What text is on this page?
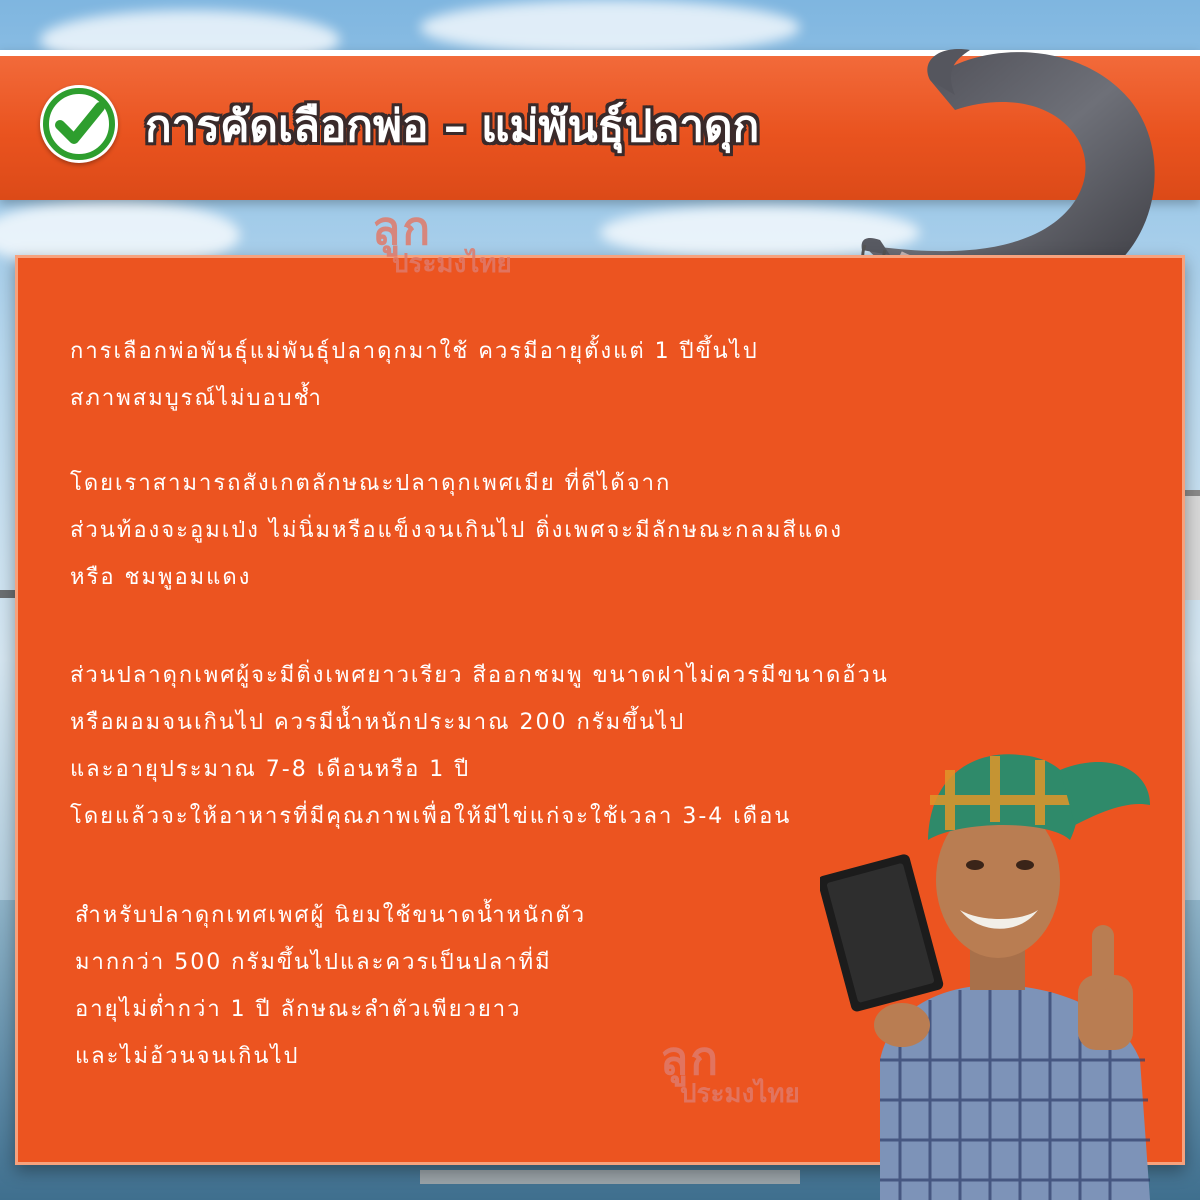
การคัดเลือกพ่อ – แม่พันธุ์ปลาดุก
ลูก
ประมงไทย
การเลือกพ่อพันธุ์แม่พันธุ์ปลาดุกมาใช้ ควรมีอายุตั้งแต่ 1 ปีขึ้นไป
สภาพสมบูรณ์ไม่บอบช้ำ
โดยเราสามารถสังเกตลักษณะปลาดุกเพศเมีย ที่ดีได้จาก
ส่วนท้องจะอูมเป่ง ไม่นิ่มหรือแข็งจนเกินไป ติ่งเพศจะมีลักษณะกลมสีแดง
หรือ ชมพูอมแดง
ส่วนปลาดุกเพศผู้จะมีติ่งเพศยาวเรียว สีออกชมพู ขนาดฝาไม่ควรมีขนาดอ้วน
หรือผอมจนเกินไป ควรมีน้ำหนักประมาณ 200 กรัมขึ้นไป
และอายุประมาณ 7-8 เดือนหรือ 1 ปี
โดยแล้วจะให้อาหารที่มีคุณภาพเพื่อให้มีไข่แก่จะใช้เวลา 3-4 เดือน
สำหรับปลาดุกเทศเพศผู้ นิยมใช้ขนาดน้ำหนักตัว
มากกว่า 500 กรัมขึ้นไปและควรเป็นปลาที่มี
อายุไม่ต่ำกว่า 1 ปี ลักษณะลำตัวเพียวยาว
และไม่อ้วนจนเกินไป	ลูก
ประมงไทย
